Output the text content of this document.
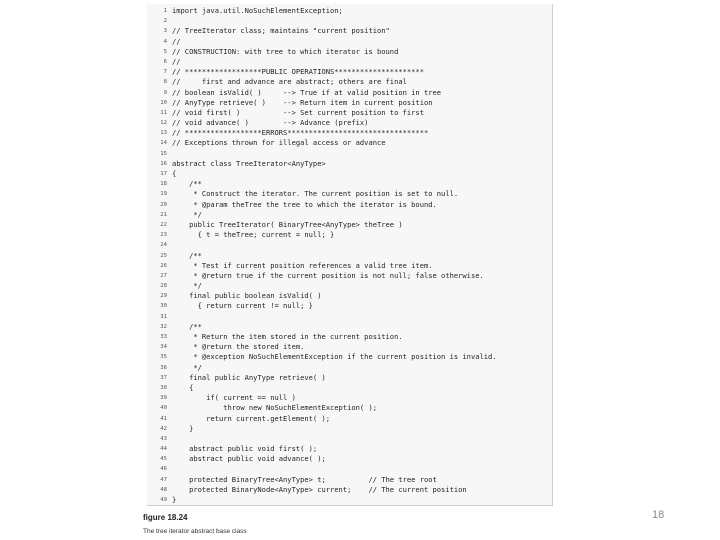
1 import java.util.NoSuchElementException;
2
3 // TreeIterator class; maintains "current position"
4 //
5 // CONSTRUCTION: with tree to which iterator is bound
6 //
7 // ******************PUBLIC OPERATIONS*********************
8 //     first and advance are abstract; others are final
9 // boolean isValid( )     --> True if at valid position in tree
10 // AnyType retrieve( )    --> Return item in current position
11 // void first( )          --> Set current position to first
12 // void advance( )        --> Advance (prefix)
13 // ******************ERRORS*********************************
14 // Exceptions thrown for illegal access or advance
15
16 abstract class TreeIterator<AnyType>
17 {
18 /**
19 * Construct the iterator. The current position is set to null.
20 * @param theTree the tree to which the iterator is bound.
21 */
22 public TreeIterator( BinaryTree<AnyType> theTree )
23 { t = theTree; current = null; }
24
25 /**
26 * Test if current position references a valid tree item.
27 * @return true if the current position is not null; false otherwise.
28 */
29 final public boolean isValid( )
30 { return current != null; }
31
32 /**
33 * Return the item stored in the current position.
34 * @return the stored item.
35 * @exception NoSuchElementException if the current position is invalid.
36 */
37 final public AnyType retrieve( )
38 {
39 if( current == null )
40 throw new NoSuchElementException( );
41 return current.getElement( );
42 }
43
44 abstract public void first( );
45 abstract public void advance( );
46
47 protected BinaryTree<AnyType> t;          // The tree root
48 protected BinaryNode<AnyType> current;    // The current position
49 }
figure 18.24
The tree iterator abstract base class
18
